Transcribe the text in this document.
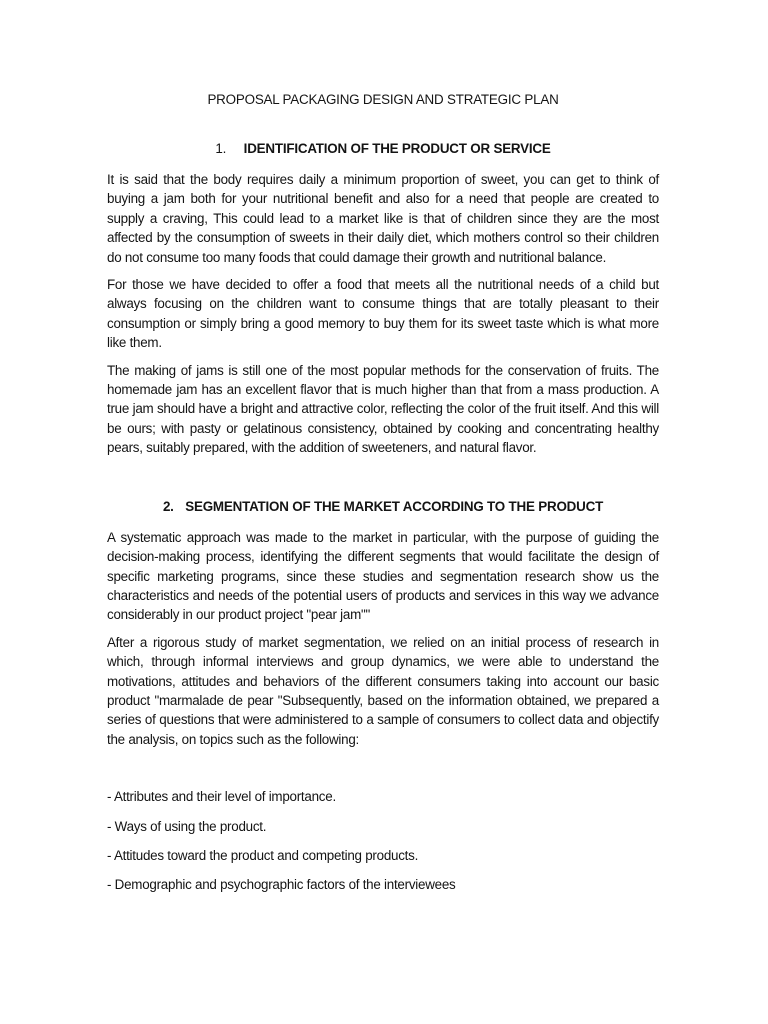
PROPOSAL PACKAGING DESIGN AND STRATEGIC PLAN
1. IDENTIFICATION OF THE PRODUCT OR SERVICE

It is said that the body requires daily a minimum proportion of sweet, you can get to think of buying a jam both for your nutritional benefit and also for a need that people are created to supply a craving, This could lead to a market like is that of children since they are the most affected by the consumption of sweets in their daily diet, which mothers control so their children do not consume too many foods that could damage their growth and nutritional balance.

For those we have decided to offer a food that meets all the nutritional needs of a child but always focusing on the children want to consume things that are totally pleasant to their consumption or simply bring a good memory to buy them for its sweet taste which is what more like them.

The making of jams is still one of the most popular methods for the conservation of fruits. The homemade jam has an excellent flavor that is much higher than that from a mass production. A true jam should have a bright and attractive color, reflecting the color of the fruit itself. And this will be ours; with pasty or gelatinous consistency, obtained by cooking and concentrating healthy pears, suitably prepared, with the addition of sweeteners, and natural flavor.

2. SEGMENTATION OF THE MARKET ACCORDING TO THE PRODUCT

A systematic approach was made to the market in particular, with the purpose of guiding the decision-making process, identifying the different segments that would facilitate the design of specific marketing programs, since these studies and segmentation research show us the characteristics and needs of the potential users of products and services in this way we advance considerably in our product project "pear jam""

After a rigorous study of market segmentation, we relied on an initial process of research in which, through informal interviews and group dynamics, we were able to understand the motivations, attitudes and behaviors of the different consumers taking into account our basic product "marmalade de pear "Subsequently, based on the information obtained, we prepared a series of questions that were administered to a sample of consumers to collect data and objectify the analysis, on topics such as the following:

- Attributes and their level of importance.
- Ways of using the product.
- Attitudes toward the product and competing products.
- Demographic and psychographic factors of the interviewees
